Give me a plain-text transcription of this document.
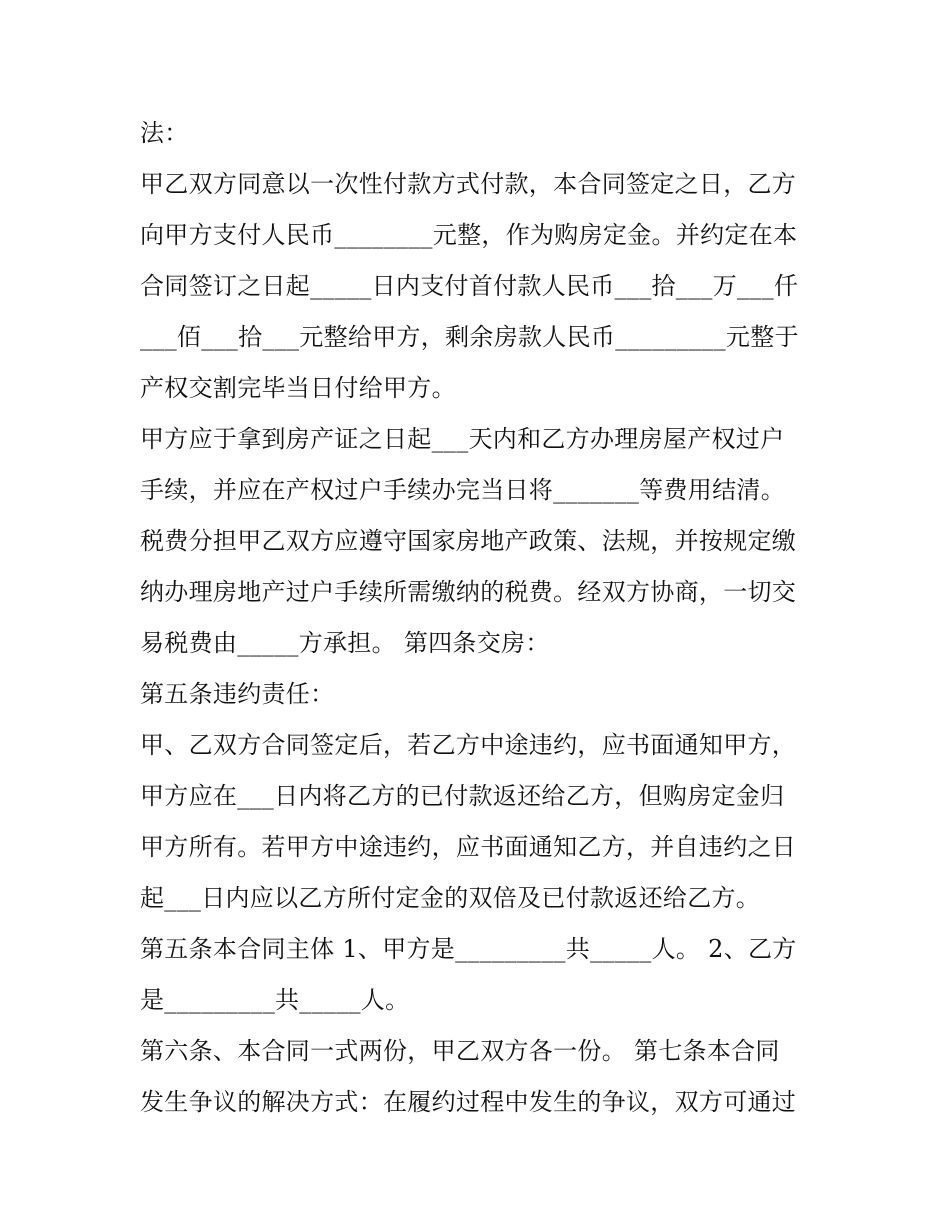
法：
甲乙双方同意以一次性付款方式付款，本合同签定之日，乙方
向甲方支付人民币________元整，作为购房定金。并约定在本
合同签订之日起_____日内支付首付款人民币___拾___万___仟
___佰___拾___元整给甲方，剩余房款人民币_________元整于
产权交割完毕当日付给甲方。
甲方应于拿到房产证之日起___天内和乙方办理房屋产权过户
手续，并应在产权过户手续办完当日将_______等费用结清。
税费分担甲乙双方应遵守国家房地产政策、法规，并按规定缴
纳办理房地产过户手续所需缴纳的税费。经双方协商，一切交
易税费由_____方承担。 第四条交房：
第五条违约责任：
甲、乙双方合同签定后，若乙方中途违约，应书面通知甲方，
甲方应在___日内将乙方的已付款返还给乙方，但购房定金归
甲方所有。若甲方中途违约，应书面通知乙方，并自违约之日
起___日内应以乙方所付定金的双倍及已付款返还给乙方。
第五条本合同主体 1、甲方是_________共_____人。 2、乙方
是_________共_____人。
第六条、本合同一式两份，甲乙双方各一份。 第七条本合同
发生争议的解决方式：在履约过程中发生的争议，双方可通过
